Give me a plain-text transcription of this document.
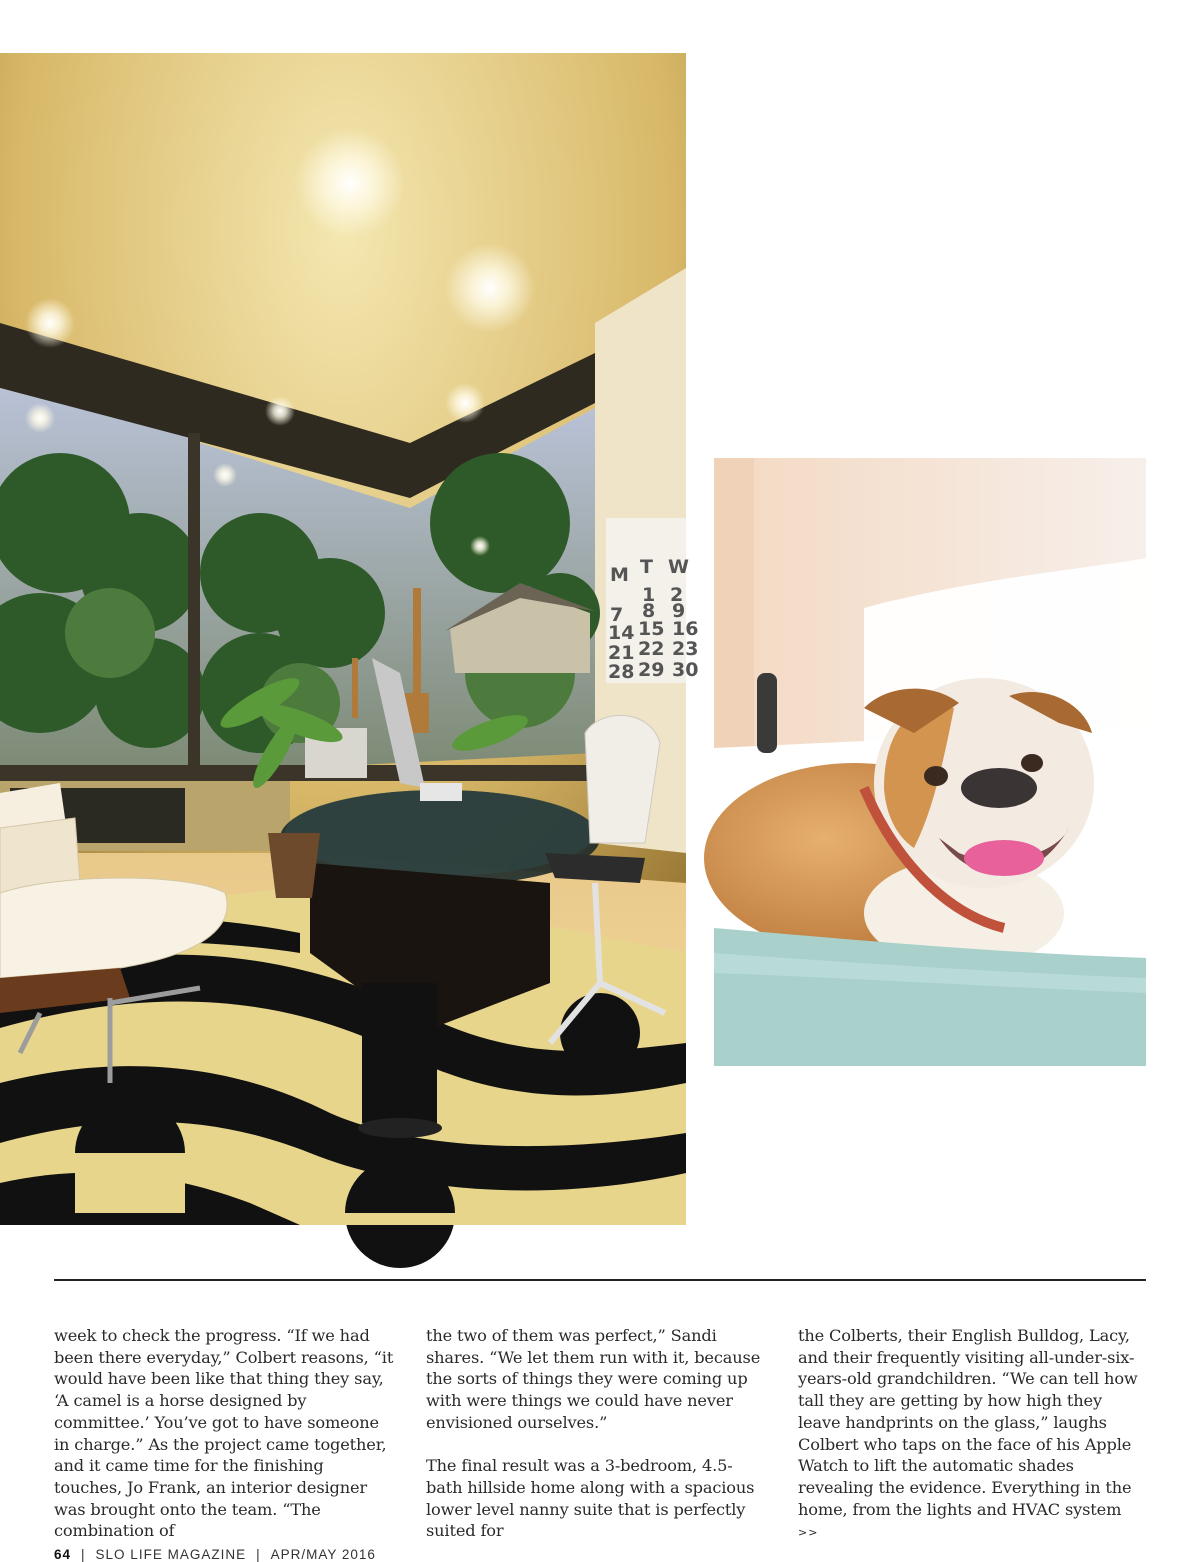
M T W
1 2
7 8 9
14 15 16
21 22 23
28 29 30

week to check the progress. “If we had been there everyday,” Colbert reasons, “it would have been like that thing they say, ‘A camel is a horse designed by committee.’ You’ve got to have someone in charge.” As the project came together, and it came time for the finishing touches, Jo Frank, an interior designer was brought onto the team. “The combination of

the two of them was perfect,” Sandi shares. “We let them run with it, because the sorts of things they were coming up with were things we could have never envisioned ourselves.”

The final result was a 3-bedroom, 4.5-bath hillside home along with a spacious lower level nanny suite that is perfectly suited for

the Colberts, their English Bulldog, Lacy, and their frequently visiting all-under-six-years-old grandchildren. “We can tell how tall they are getting by how high they leave handprints on the glass,” laughs Colbert who taps on the face of his Apple Watch to lift the automatic shades revealing the evidence. Everything in the home, from the lights and HVAC system >>

64 | SLO LIFE MAGAZINE | APR/MAY 2016
